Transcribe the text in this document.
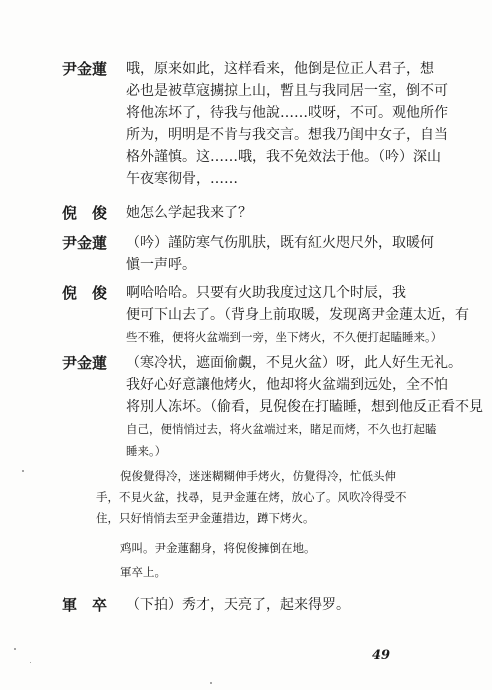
尹金蓮	哦，原来如此，这样看来，他倒是位正人君子，想
必也是被草寇擄掠上山，暫且与我同居一室，倒不可
将他冻坏了，待我与他說……哎呀，不可。观他所作
所为，明明是不肯与我交言。想我乃闺中女子，自当
格外謹慎。这……哦，我不免效法于他。（吟）深山
午夜寒彻骨，……
倪　俊	她怎么学起我来了？
尹金蓮	（吟）謹防寒气伤肌肤，既有紅火咫尺外，取暖何
愼一声呼。
倪　俊	啊哈哈哈。只要有火助我度过这几个时辰，我
便可下山去了。（背身上前取暖，发现离尹金蓮太近，有
些不雅，便将火盆端到一旁，坐下烤火，不久便打起瞌睡来。）
尹金蓮	（寒冷状，遮面偷覷，不見火盆）呀，此人好生无礼。
我好心好意讓他烤火，他却将火盆端到远处，全不怕
将別人冻坏。（偷看，見倪俊在打瞌睡，想到他反正看不見
自己，便悄悄过去，将火盆端过来，睹足而烤，不久也打起瞌
睡来。）
倪俊覺得冷，迷迷糊糊伸手烤火，仿覺得冷，忙低头伸
手，不見火盆，找尋，見尹金蓮在烤，放心了。风吹冷得受不
住，只好悄悄去至尹金蓮措边，蹲下烤火。
鸡叫。尹金蓮翻身，将倪俊擁倒在地。
軍卒上。
軍　卒	（下拍）秀才，天亮了，起来得罗。
49
